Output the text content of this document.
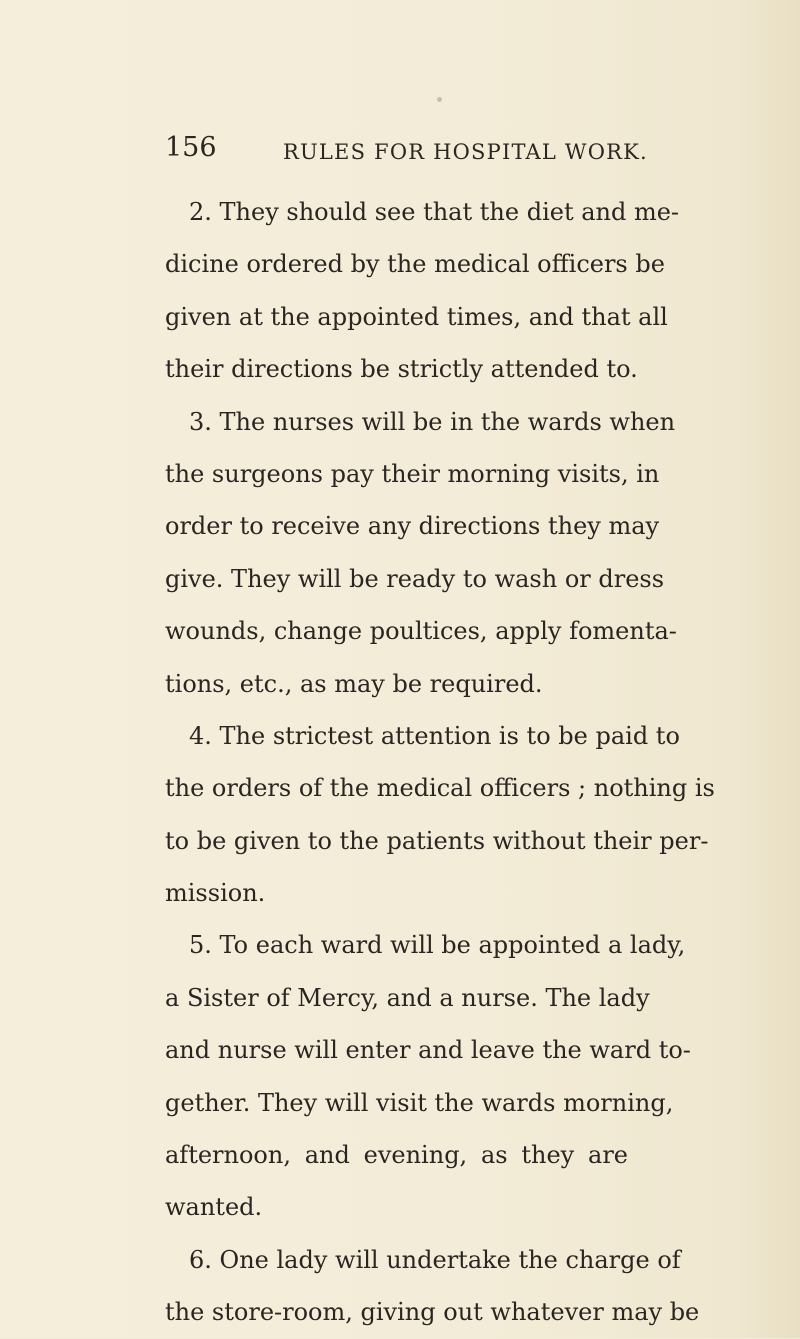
156	RULES FOR HOSPITAL WORK.
2. They should see that the diet and me-
dicine ordered by the medical officers be
given at the appointed times, and that all
their directions be strictly attended to.
3. The nurses will be in the wards when
the surgeons pay their morning visits, in
order to receive any directions they may
give. They will be ready to wash or dress
wounds, change poultices, apply fomenta-
tions, etc., as may be required.
4. The strictest attention is to be paid to
the orders of the medical officers ; nothing is
to be given to the patients without their per-
mission.
5. To each ward will be appointed a lady,
a Sister of Mercy, and a nurse. The lady
and nurse will enter and leave the ward to-
gether. They will visit the wards morning,
afternoon, and evening, as they are
wanted.
6. One lady will undertake the charge of
the store-room, giving out whatever may be
